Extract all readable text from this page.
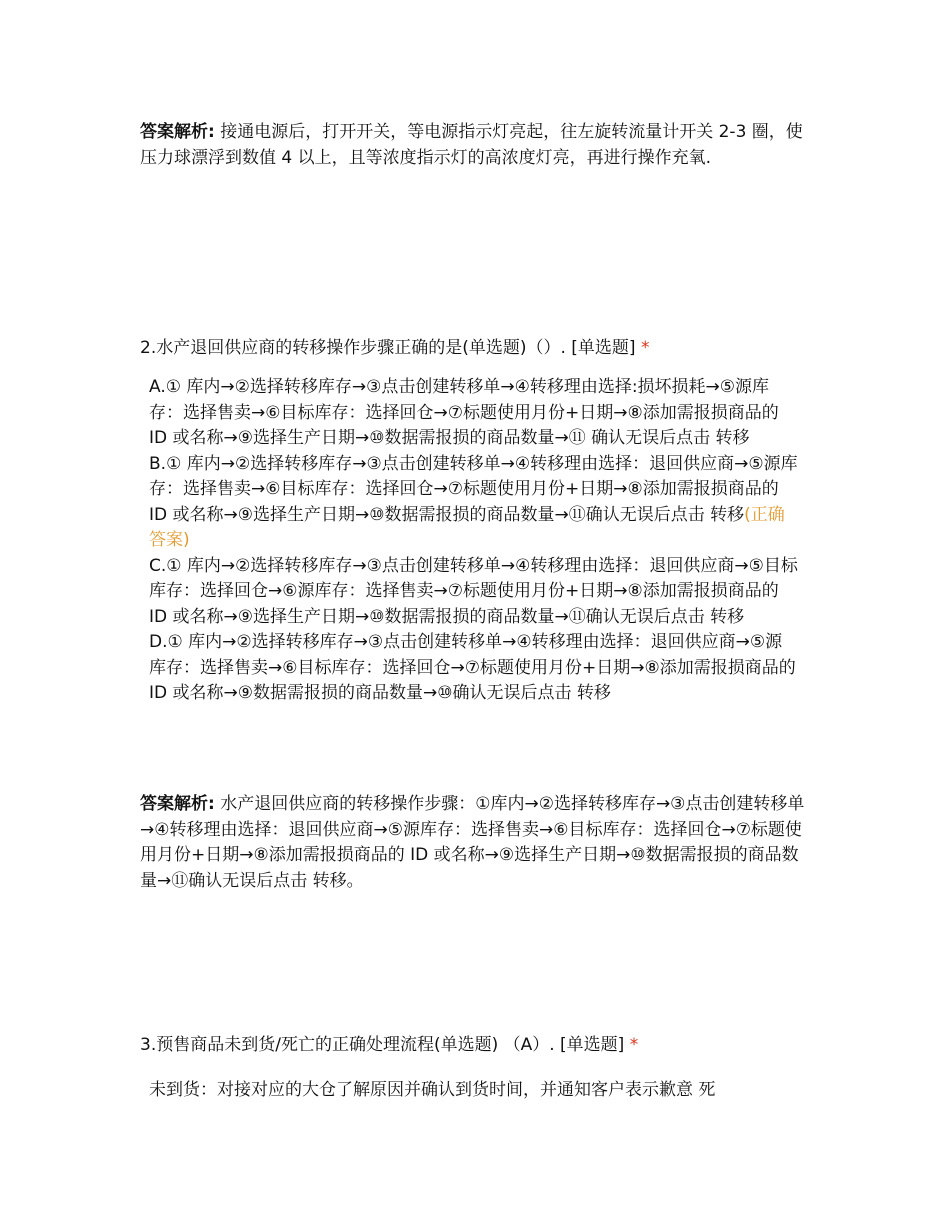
答案解析: 接通电源后，打开开关，等电源指示灯亮起，往左旋转流量计开关 2-3 圈，使压力球漂浮到数值 4 以上，且等浓度指示灯的高浓度灯亮，再进行操作充氧.
2.水产退回供应商的转移操作步骤正确的是(单选题)（）. [单选题] *
A.① 库内→②选择转移库存→③点击创建转移单→④转移理由选择:损坏损耗→⑤源库存：选择售卖→⑥目标库存：选择回仓→⑦标题使用月份+日期→⑧添加需报损商品的 ID 或名称→⑨选择生产日期→⑩数据需报损的商品数量→⑪ 确认无误后点击 转移
B.① 库内→②选择转移库存→③点击创建转移单→④转移理由选择：退回供应商→⑤源库存：选择售卖→⑥目标库存：选择回仓→⑦标题使用月份+日期→⑧添加需报损商品的 ID 或名称→⑨选择生产日期→⑩数据需报损的商品数量→⑪确认无误后点击 转移(正确答案)
C.① 库内→②选择转移库存→③点击创建转移单→④转移理由选择：退回供应商→⑤目标库存：选择回仓→⑥源库存：选择售卖→⑦标题使用月份+日期→⑧添加需报损商品的 ID 或名称→⑨选择生产日期→⑩数据需报损的商品数量→⑪确认无误后点击 转移
D.① 库内→②选择转移库存→③点击创建转移单→④转移理由选择：退回供应商→⑤源库存：选择售卖→⑥目标库存：选择回仓→⑦标题使用月份+日期→⑧添加需报损商品的 ID 或名称→⑨数据需报损的商品数量→⑩确认无误后点击 转移
答案解析: 水产退回供应商的转移操作步骤：①库内→②选择转移库存→③点击创建转移单→④转移理由选择：退回供应商→⑤源库存：选择售卖→⑥目标库存：选择回仓→⑦标题使用月份+日期→⑧添加需报损商品的 ID 或名称→⑨选择生产日期→⑩数据需报损的商品数量→⑪确认无误后点击 转移。
3.预售商品未到货/死亡的正确处理流程(单选题) （A）. [单选题] *
未到货：对接对应的大仓了解原因并确认到货时间，并通知客户表示歉意 死
